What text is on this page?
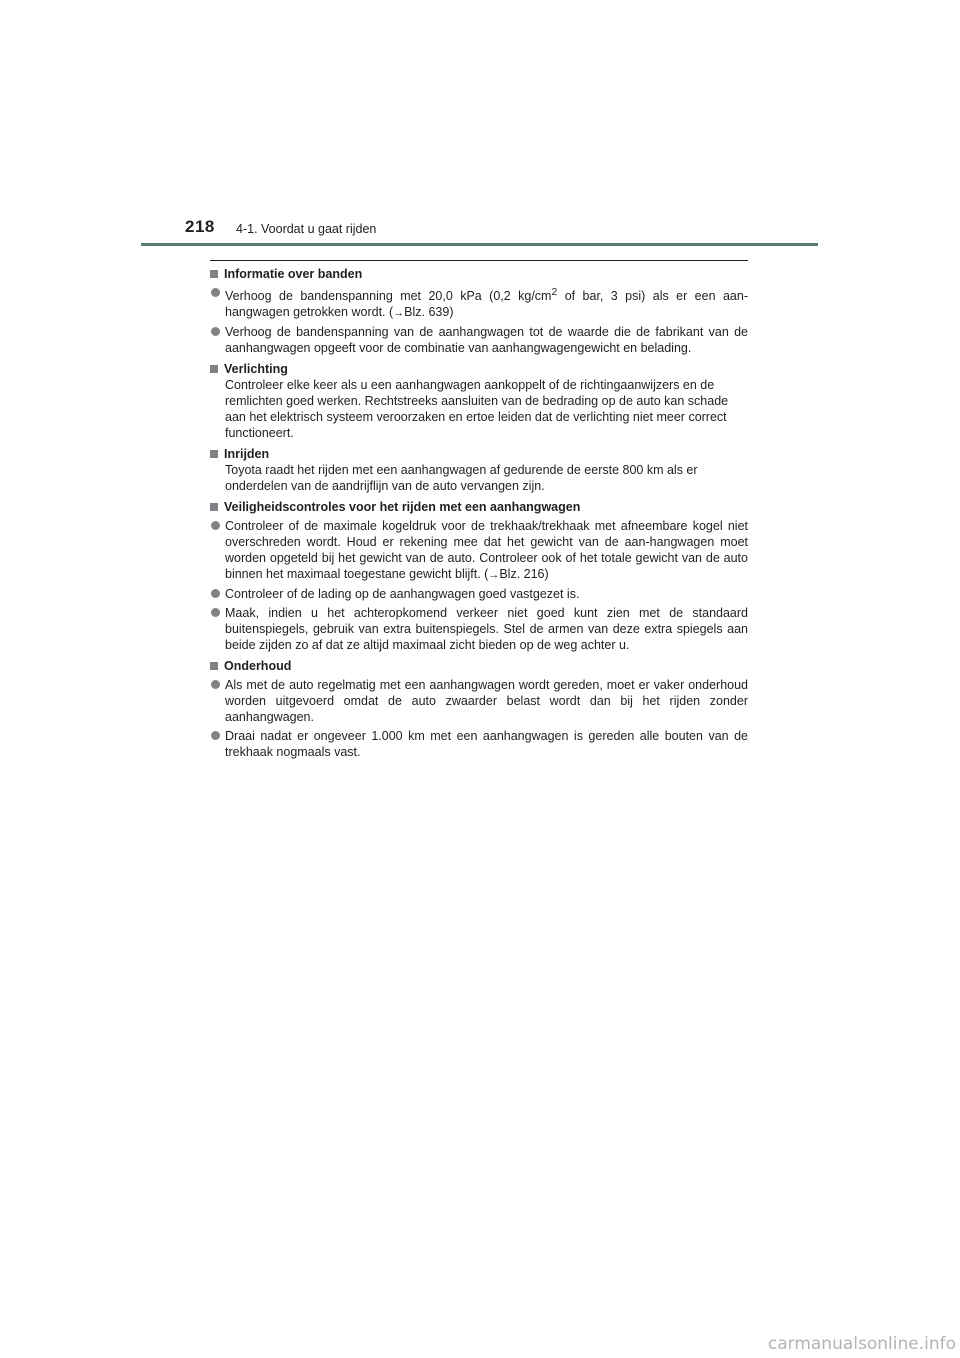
218 4-1. Voordat u gaat rijden
Informatie over banden
Verhoog de bandenspanning met 20,0 kPa (0,2 $kg/cm^2$ of bar, 3 psi) als er een aan-hangwagen getrokken wordt. (→Blz. 639)
Verhoog de bandenspanning van de aanhangwagen tot de waarde die de fabrikant van de aanhangwagen opgeeft voor de combinatie van aanhangwagengewicht en belading.
Verlichting
Controleer elke keer als u een aanhangwagen aankoppelt of de richtingaanwijzers en de remlichten goed werken. Rechtstreeks aansluiten van de bedrading op de auto kan schade aan het elektrisch systeem veroorzaken en ertoe leiden dat de verlichting niet meer correct functioneert.
Inrijden
Toyota raadt het rijden met een aanhangwagen af gedurende de eerste 800 km als er onderdelen van de aandrijflijn van de auto vervangen zijn.
Veiligheidscontroles voor het rijden met een aanhangwagen
Controleer of de maximale kogeldruk voor de trekhaak/trekhaak met afneembare kogel niet overschreden wordt. Houd er rekening mee dat het gewicht van de aan-hangwagen moet worden opgeteld bij het gewicht van de auto. Controleer ook of het totale gewicht van de auto binnen het maximaal toegestane gewicht blijft. (→Blz. 216)
Controleer of de lading op de aanhangwagen goed vastgezet is.
Maak, indien u het achteropkomend verkeer niet goed kunt zien met de standaard buitenspiegels, gebruik van extra buitenspiegels. Stel de armen van deze extra spiegels aan beide zijden zo af dat ze altijd maximaal zicht bieden op de weg achter u.
Onderhoud
Als met de auto regelmatig met een aanhangwagen wordt gereden, moet er vaker onderhoud worden uitgevoerd omdat de auto zwaarder belast wordt dan bij het rijden zonder aanhangwagen.
Draai nadat er ongeveer 1.000 km met een aanhangwagen is gereden alle bouten van de trekhaak nogmaals vast.
carmanualsonline.info
